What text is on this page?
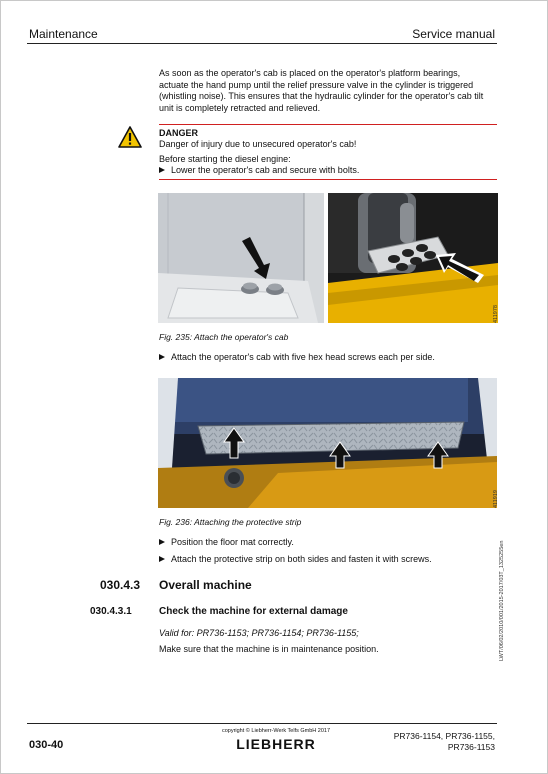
Maintenance	Service manual
As soon as the operator's cab is placed on the operator's platform bearings,
actuate the hand pump until the relief pressure valve in the cylinder is triggered
(whistling noise). This ensures that the hydraulic cylinder for the operator's cab tilt
unit is completely retracted and relieved.
DANGER
Danger of injury due to unsecured operator's cab!
Before starting the diesel engine:
Lower the operator's cab and secure with bolts.
411978
Fig. 235: Attach the operator's cab
Attach the operator's cab with five hex head screws each per side.
411919
Fig. 236: Attaching the protective strip
Position the floor mat correctly.
Attach the protective strip on both sides and fasten it with screws.
030.4.3 Overall machine
030.4.3.1	Check the machine for external damage
Valid for: PR736-1153; PR736-1154; PR736-1155;
Make sure that the machine is in maintenance position.	LWT/06/02/2010/001/2015-2017/03T_1325255en
030-40
copyright © Liebherr-Werk Telfs GmbH 2017
LIEBHERR	PR736-1154, PR736-1155,
PR736-1153
